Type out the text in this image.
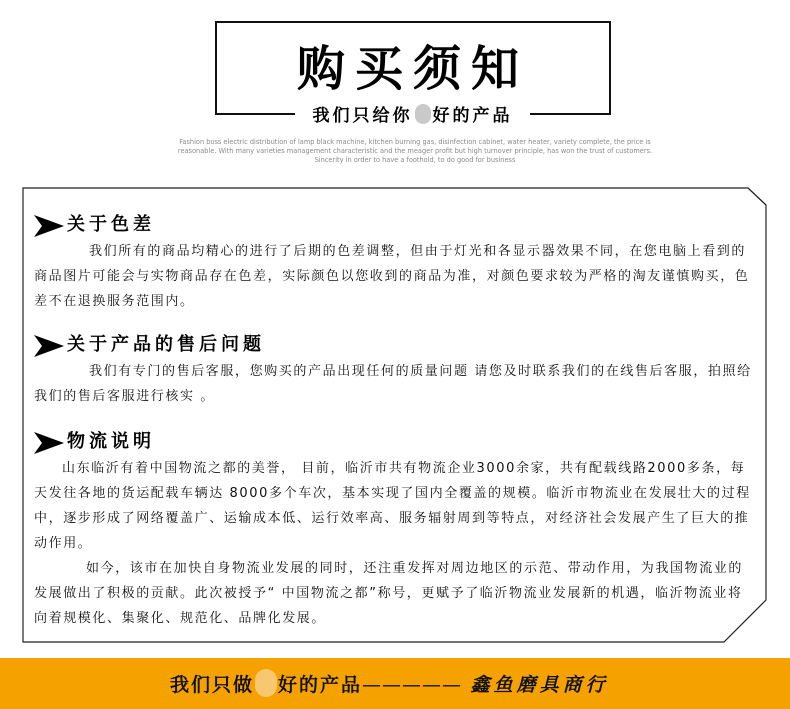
购买须知
我们只给你 好的产品
Fashion boss electric distribution of lamp black machine, kitchen burning gas, disinfection cabinet, water heater, variety complete, the price is reasonable. With many varieties management characteristic and the meager profit but high turnover principle, has won the trust of customers. Sincerity in order to have a foothold, to do good for business
关于色差
我们所有的商品均精心的进行了后期的色差调整，但由于灯光和各显示器效果不同，在您电脑上看到的商品图片可能会与实物商品存在色差，实际颜色以您收到的商品为准，对颜色要求较为严格的淘友谨慎购买，色差不在退换服务范围内。
关于产品的售后问题
我们有专门的售后客服，您购买的产品出现任何的质量问题 请您及时联系我们的在线售后客服，拍照给我们的售后客服进行核实 。
物流说明
山东临沂有着中国物流之都的美誉， 目前，临沂市共有物流企业3000余家，共有配载线路2000多条，每天发往各地的货运配载车辆达 8000多个车次，基本实现了国内全覆盖的规模。临沂市物流业在发展壮大的过程中，逐步形成了网络覆盖广、运输成本低、运行效率高、服务辐射周到等特点，对经济社会发展产生了巨大的推动作用。
如今，该市在加快自身物流业发展的同时，还注重发挥对周边地区的示范、带动作用，为我国物流业的发展做出了积极的贡献。此次被授予“ 中国物流之都”称号，更赋予了临沂物流业发展新的机遇，临沂物流业将向着规模化、集聚化、规范化、品牌化发展。
我们只做 好的产品————— 鑫鱼磨具商行
